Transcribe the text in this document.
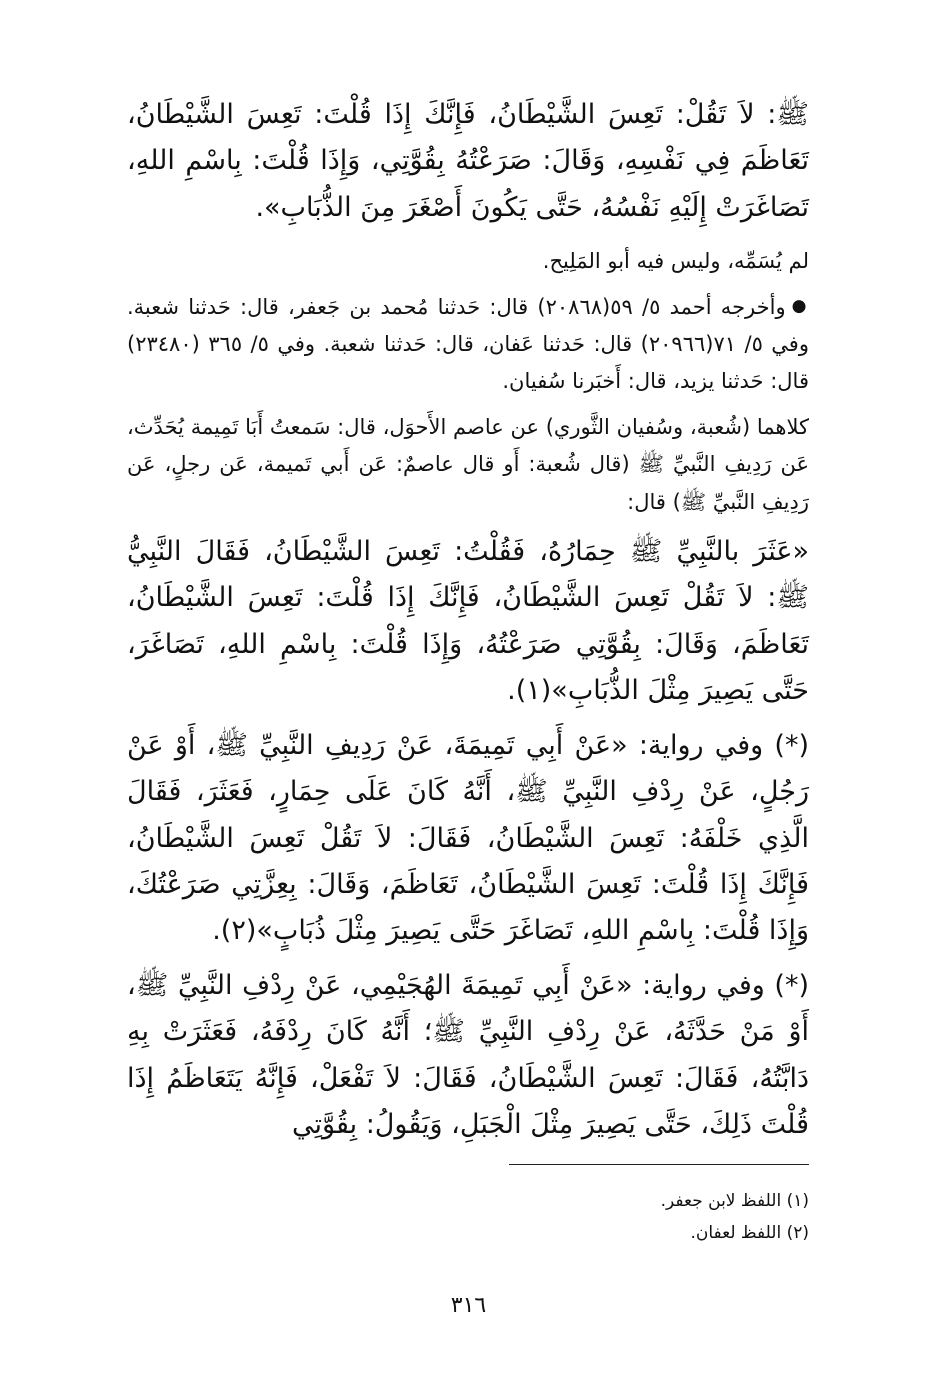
ﷺ: لاَ تَقُلْ: تَعِسَ الشَّيْطَانُ، فَإِنَّكَ إِذَا قُلْتَ: تَعِسَ الشَّيْطَانُ، تَعَاظَمَ فِي نَفْسِهِ، وَقَالَ: صَرَعْتُهُ بِقُوَّتِي، وَإِذَا قُلْتَ: بِاسْمِ اللهِ، تَصَاغَرَتْ إِلَيْهِ نَفْسُهُ، حَتَّى يَكُونَ أَصْغَرَ مِنَ الذُّبَابِ».

لم يُسَمِّه، وليس فيه أبو المَلِيح.

●وأخرجه أحمد ٥/ ٥٩(٢٠٨٦٨) قال: حَدثنا مُحمد بن جَعفر، قال: حَدثنا شعبة. وفي ٥/ ٧١(٢٠٩٦٦) قال: حَدثنا عَفان، قال: حَدثنا شعبة. وفي ٥/ ٣٦٥ (٢٣٤٨٠) قال: حَدثنا يزيد، قال: أَخبَرنا سُفيان.

كلاهما (شُعبة، وسُفيان الثَّوري) عن عاصم الأَحوَل، قال: سَمعتُ أَبَا تَمِيمة يُحَدِّث، عَن رَدِيفِ النَّبيِّ ﷺ (قال شُعبة: أَو قال عاصمٌ: عَن أَبي تَميمة، عَن رجلٍ، عَن رَدِيفِ النَّبيِّ ﷺ) قال:

«عَثَرَ بالنَّبِيِّ ﷺ حِمَارُهُ، فَقُلْتُ: تَعِسَ الشَّيْطَانُ، فَقَالَ النَّبِيُّ ﷺ: لاَ تَقُلْ تَعِسَ الشَّيْطَانُ، فَإِنَّكَ إِذَا قُلْتَ: تَعِسَ الشَّيْطَانُ، تَعَاظَمَ، وَقَالَ: بِقُوَّتِي صَرَعْتُهُ، وَإِذَا قُلْتَ: بِاسْمِ اللهِ، تَصَاغَرَ، حَتَّى يَصِيرَ مِثْلَ الذُّبَابِ»(١).

(*) وفي رواية: «عَنْ أَبِي تَمِيمَةَ، عَنْ رَدِيفِ النَّبِيِّ ﷺ، أَوْ عَنْ رَجُلٍ، عَنْ رِدْفِ النَّبِيِّ ﷺ، أَنَّهُ كَانَ عَلَى حِمَارٍ، فَعَثَرَ، فَقَالَ الَّذِي خَلْفَهُ: تَعِسَ الشَّيْطَانُ، فَقَالَ: لاَ تَقُلْ تَعِسَ الشَّيْطَانُ، فَإِنَّكَ إِذَا قُلْتَ: تَعِسَ الشَّيْطَانُ، تَعَاظَمَ، وَقَالَ: بِعِزَّتِي صَرَعْتُكَ، وَإِذَا قُلْتَ: بِاسْمِ اللهِ، تَصَاغَرَ حَتَّى يَصِيرَ مِثْلَ ذُبَابٍ»(٢).

(*) وفي رواية: «عَنْ أَبِي تَمِيمَةَ الهُجَيْمِي، عَنْ رِدْفِ النَّبِيِّ ﷺ، أَوْ مَنْ حَدَّثَهُ، عَنْ رِدْفِ النَّبِيِّ ﷺ؛ أَنَّهُ كَانَ رِدْفَهُ، فَعَثَرَتْ بِهِ دَابَّتُهُ، فَقَالَ: تَعِسَ الشَّيْطَانُ، فَقَالَ: لاَ تَفْعَلْ، فَإِنَّهُ يَتَعَاظَمُ إِذَا قُلْتَ ذَلِكَ، حَتَّى يَصِيرَ مِثْلَ الْجَبَلِ، وَيَقُولُ: بِقُوَّتِي

(١) اللفظ لابن جعفر.

(٢) اللفظ لعفان.

٣١٦
